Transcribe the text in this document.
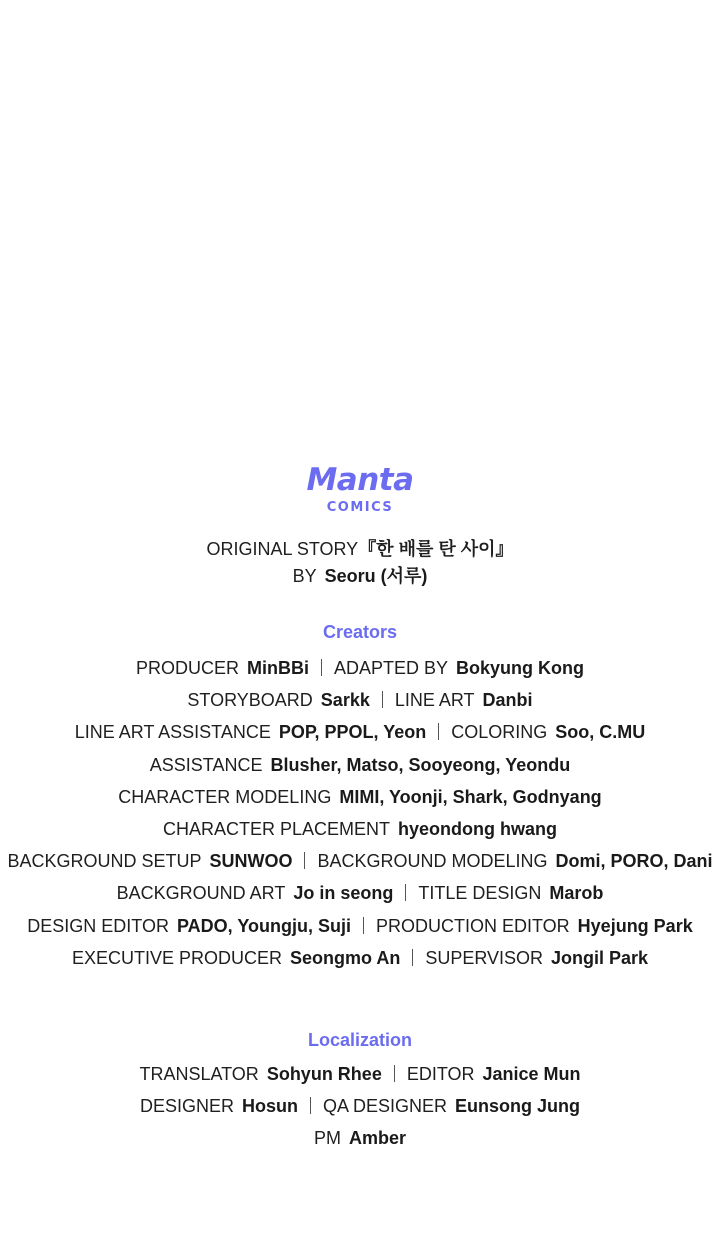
Manta
COMICS
ORIGINAL STORY『한 배를 탄 사이』
BY Seoru (서루)
Creators
PRODUCER MinBBi ADAPTED BY Bokyung Kong
STORYBOARD Sarkk LINE ART Danbi
LINE ART ASSISTANCE POP, PPOL, Yeon COLORING Soo, C.MU
ASSISTANCE Blusher, Matso, Sooyeong, Yeondu
CHARACTER MODELING MIMI, Yoonji, Shark, Godnyang
CHARACTER PLACEMENT hyeondong hwang
BACKGROUND SETUP SUNWOO BACKGROUND MODELING Domi, PORO, Dani
BACKGROUND ART Jo in seong TITLE DESIGN Marob
DESIGN EDITOR PADO, Youngju, Suji PRODUCTION EDITOR Hyejung Park
EXECUTIVE PRODUCER Seongmo An SUPERVISOR Jongil Park
Localization
TRANSLATOR Sohyun Rhee EDITOR Janice Mun
DESIGNER Hosun QA DESIGNER Eunsong Jung
PM Amber
